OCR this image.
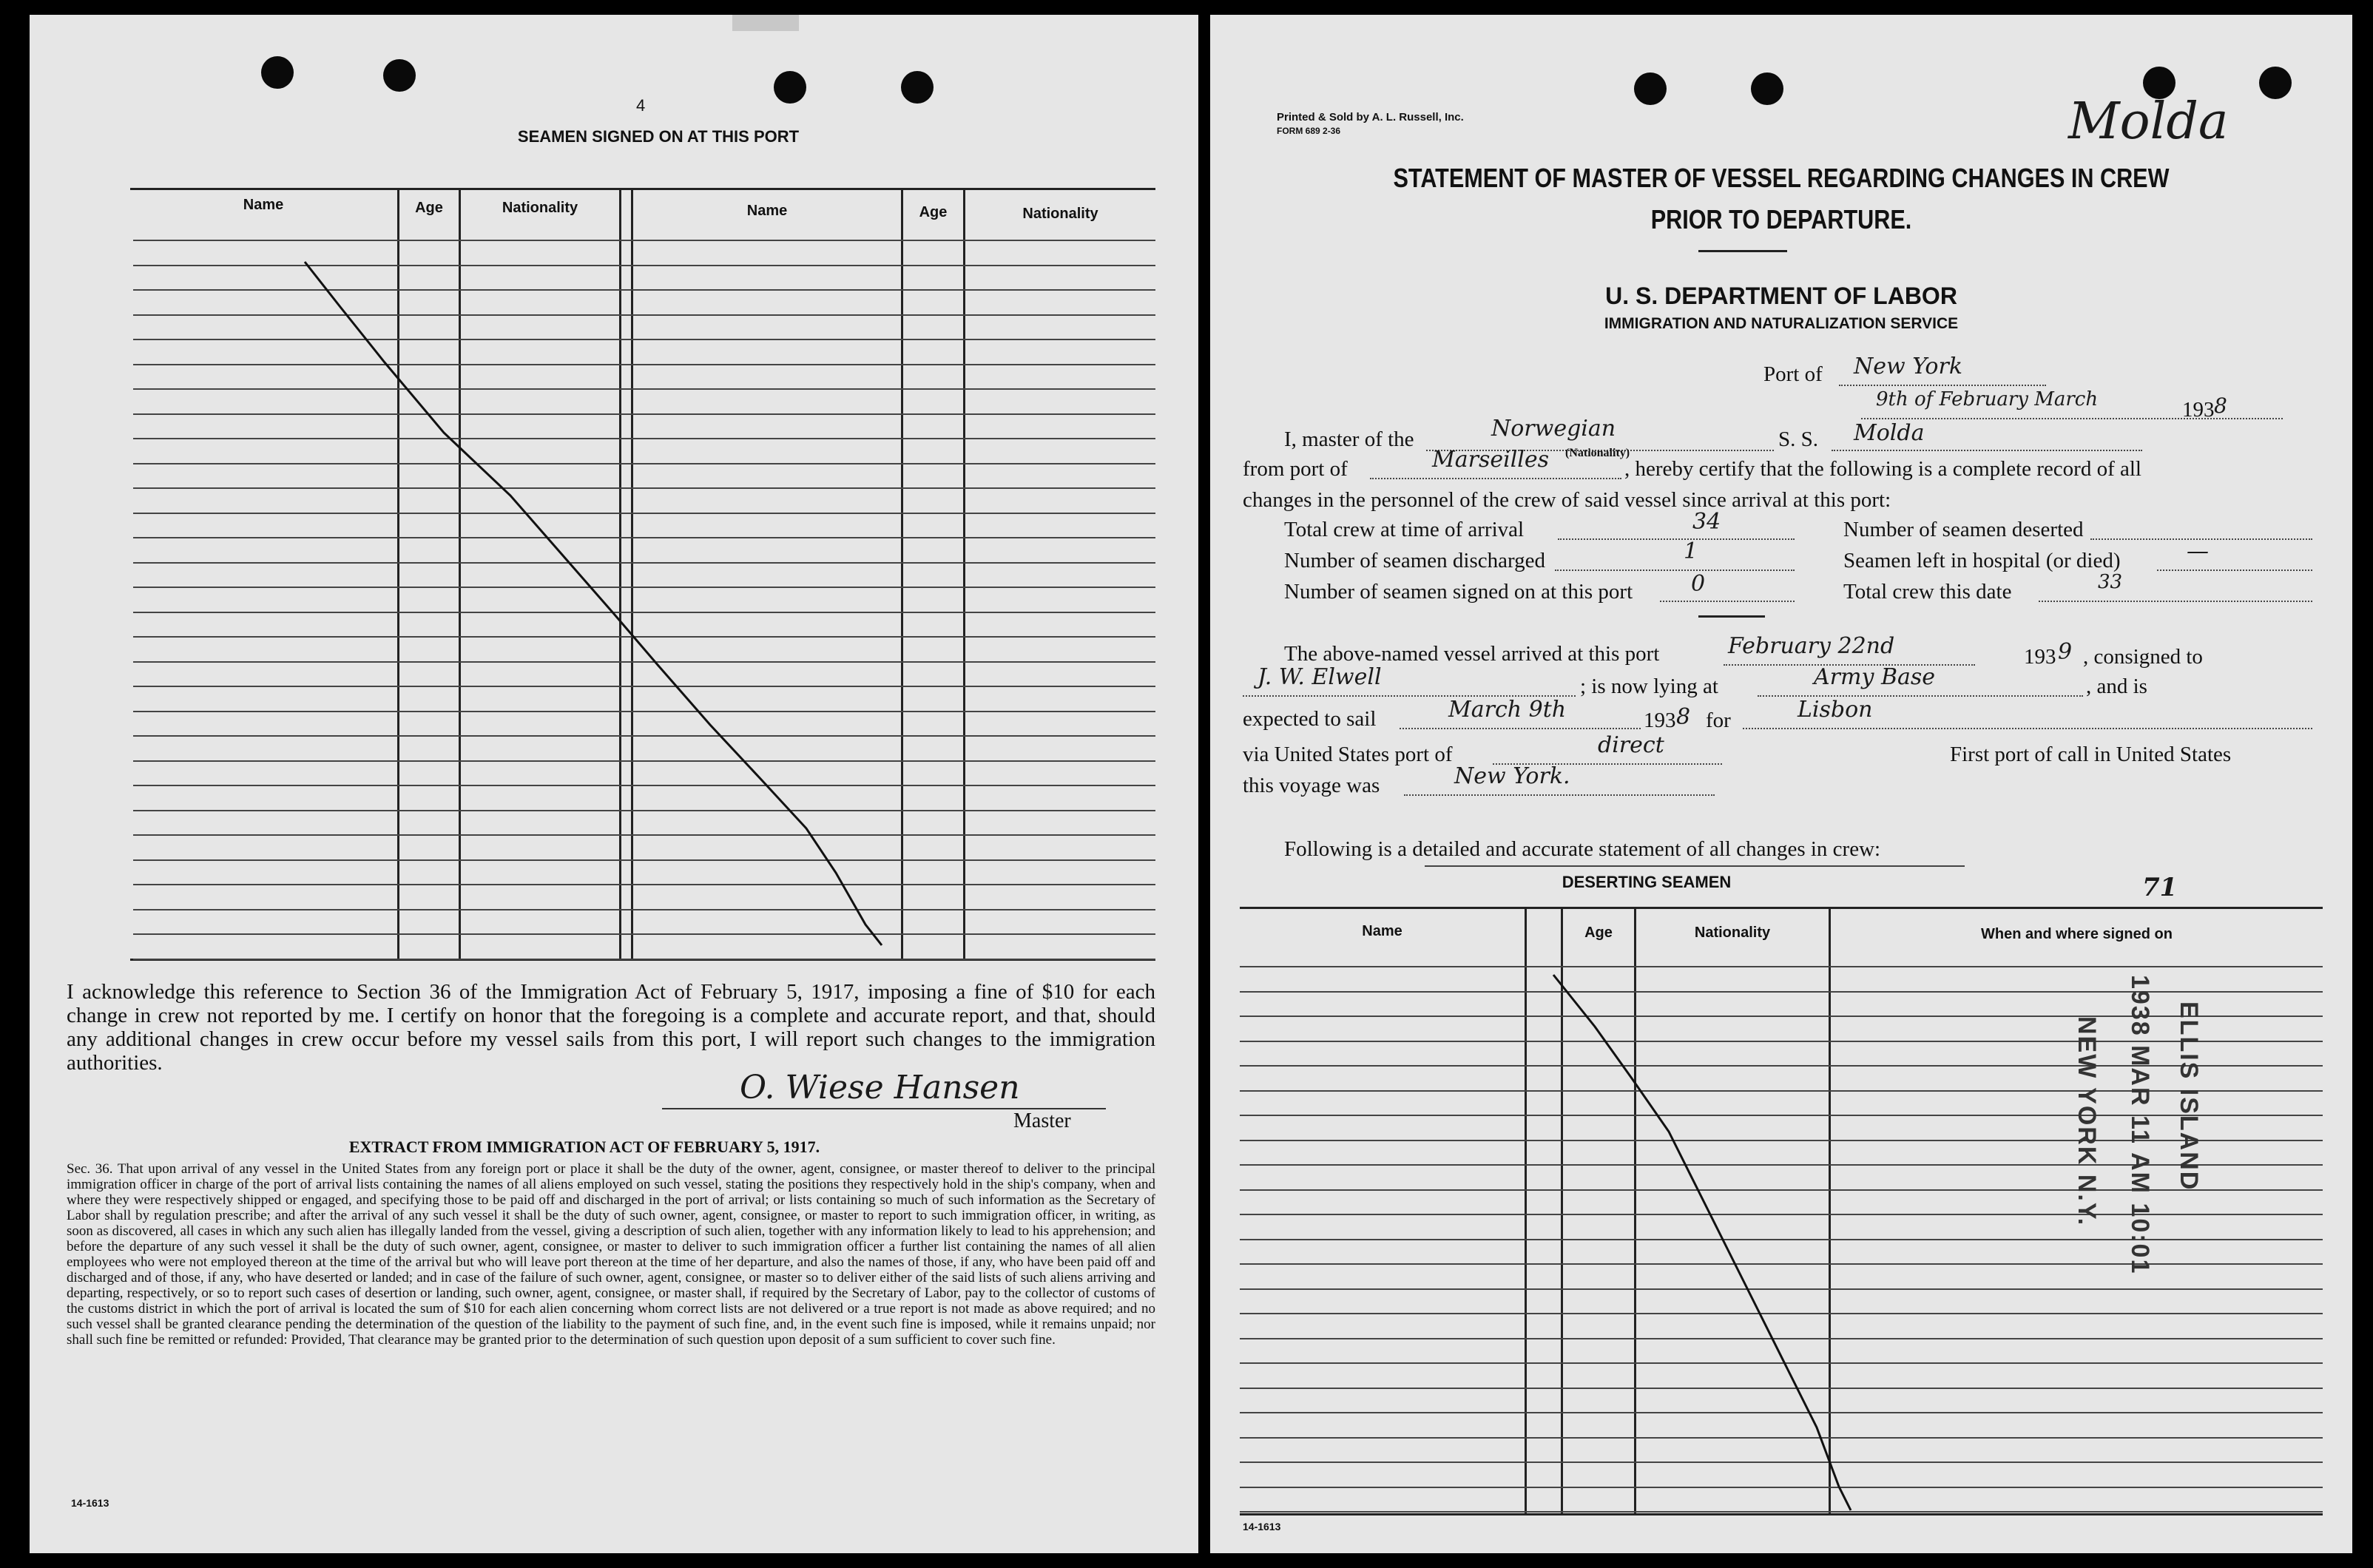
4
SEAMEN SIGNED ON AT THIS PORT
Name	Age	Nationality	Name	Age	Nationality
I acknowledge this reference to Section 36 of the Immigration Act of February 5, 1917, imposing a fine of $10 for each change in crew not reported by me. I certify on honor that the foregoing is a complete and accurate report, and that, should any additional changes in crew occur before my vessel sails from this port, I will report such changes to the immigration authorities.
O. Wiese Hansen
Master
EXTRACT FROM IMMIGRATION ACT OF FEBRUARY 5, 1917.
Sec. 36. That upon arrival of any vessel in the United States from any foreign port or place it shall be the duty of the owner, agent, consignee, or master thereof to deliver to the principal immigration officer in charge of the port of arrival lists containing the names of all aliens employed on such vessel, stating the positions they respectively hold in the ship's company, when and where they were respectively shipped or engaged, and specifying those to be paid off and discharged in the port of arrival; or lists containing so much of such information as the Secretary of Labor shall by regulation prescribe; and after the arrival of any such vessel it shall be the duty of such owner, agent, consignee, or master to report to such immigration officer, in writing, as soon as discovered, all cases in which any such alien has illegally landed from the vessel, giving a description of such alien, together with any information likely to lead to his apprehension; and before the departure of any such vessel it shall be the duty of such owner, agent, consignee, or master to deliver to such immigration officer a further list containing the names of all alien employees who were not employed thereon at the time of the arrival but who will leave port thereon at the time of her departure, and also the names of those, if any, who have been paid off and discharged and of those, if any, who have deserted or landed; and in case of the failure of such owner, agent, consignee, or master so to deliver either of the said lists of such aliens arriving and departing, respectively, or so to report such cases of desertion or landing, such owner, agent, consignee, or master shall, if required by the Secretary of Labor, pay to the collector of customs of the customs district in which the port of arrival is located the sum of $10 for each alien concerning whom correct lists are not delivered or a true report is not made as above required; and no such vessel shall be granted clearance pending the determination of the question of the liability to the payment of such fine, and, in the event such fine is imposed, while it remains unpaid; nor shall such fine be remitted or refunded: Provided, That clearance may be granted prior to the determination of such question upon deposit of a sum sufficient to cover such fine.
14-1613
Printed & Sold by A. L. Russell, Inc.
FORM 689 2-36	Molda
STATEMENT OF MASTER OF VESSEL REGARDING CHANGES IN CREW
PRIOR TO DEPARTURE.
U. S. DEPARTMENT OF LABOR
IMMIGRATION AND NATURALIZATION SERVICE
Port of New York
9th of February March	193 8
I, master of the	Norwegian
(Nationality)
S. S. Molda
from port of	Marseilles	, hereby certify that the following is a complete record of all
changes in the personnel of the crew of said vessel since arrival at this port:
Total crew at time of arrival	34	Number of seamen deserted
Number of seamen discharged	1	Seamen left in hospital (or died)	—
Number of seamen signed on at this port	0	Total crew this date	33
The above-named vessel arrived at this port	February 22nd	193 9 , consigned to
J. W. Elwell	; is now lying at	Army Base	, and is
expected to sail	March 9th	193 8 for	Lisbon
via United States port of	direct	First port of call in United States
this voyage was	New York.
Following is a detailed and accurate statement of all changes in crew:
71
DESERTING SEAMEN
Name	Age	Nationality	When and where signed on
ELLIS ISLAND
1938 MAR 11 AM 10:01
NEW YORK N.Y.
14-1613
